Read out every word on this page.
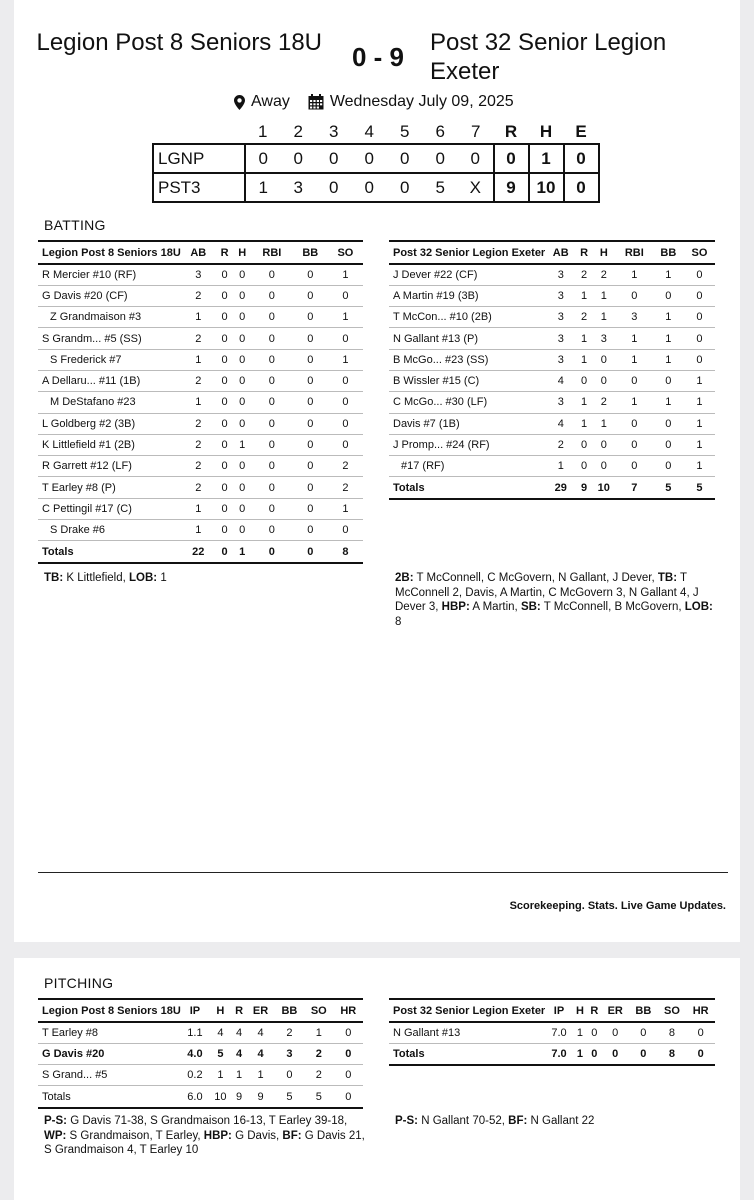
Legion Post 8 Seniors 18U 0 - 9 Post 32 Senior Legion Exeter
Away	Wednesday July 09, 2025
	1	2	3	4	5	6	7	R	H	E
LGNP	0	0	0	0	0	0	0	0	1	0
PST3	1	3	0	0	0	5	X	9	10	0
BATTING
Legion Post 8 Seniors 18U	AB	R	H	RBI	BB	SO
R Mercier #10 (RF)	3	0	0	0	0	1
G Davis #20 (CF)	2	0	0	0	0	0
Z Grandmaison #3	1	0	0	0	0	1
S Grandm... #5 (SS)	2	0	0	0	0	0
S Frederick #7	1	0	0	0	0	1
A Dellaru... #11 (1B)	2	0	0	0	0	0
M DeStafano #23	1	0	0	0	0	0
L Goldberg #2 (3B)	2	0	0	0	0	0
K Littlefield #1 (2B)	2	0	1	0	0	0
R Garrett #12 (LF)	2	0	0	0	0	2
T Earley #8 (P)	2	0	0	0	0	2
C Pettingil #17 (C)	1	0	0	0	0	1
S Drake #6	1	0	0	0	0	0
Totals	22	0	1	0	0	8
Post 32 Senior Legion Exeter	AB	R	H	RBI	BB	SO
J Dever #22 (CF)	3	2	2	1	1	0
A Martin #19 (3B)	3	1	1	0	0	0
T McCon... #10 (2B)	3	2	1	3	1	0
N Gallant #13 (P)	3	1	3	1	1	0
B McGo... #23 (SS)	3	1	0	1	1	0
B Wissler #15 (C)	4	0	0	0	0	1
C McGo... #30 (LF)	3	1	2	1	1	1
Davis #7 (1B)	4	1	1	0	0	1
J Promp... #24 (RF)	2	0	0	0	0	1
#17 (RF)	1	0	0	0	0	1
Totals	29	9	10	7	5	5
TB: K Littlefield, LOB: 1	2B: T McConnell, C McGovern, N Gallant, J Dever, TB: T McConnell 2, Davis, A Martin, C McGovern 3, N Gallant 4, J Dever 3, HBP: A Martin, SB: T McConnell, B McGovern, LOB: 8
Scorekeeping. Stats. Live Game Updates.
PITCHING
Legion Post 8 Seniors 18U	IP	H	R	ER	BB	SO	HR
T Earley #8	1.1	4	4	4	2	1	0
G Davis #20	4.0	5	4	4	3	2	0
S Grand... #5	0.2	1	1	1	0	2	0
Totals	6.0	10	9	9	5	5	0
Post 32 Senior Legion Exeter	IP	H	R	ER	BB	SO	HR
N Gallant #13	7.0	1	0	0	0	8	0
Totals	7.0	1	0	0	0	8	0
P-S: G Davis 71-38, S Grandmaison 16-13, T Earley 39-18, WP: S Grandmaison, T Earley, HBP: G Davis, BF: G Davis 21, S Grandmaison 4, T Earley 10
P-S: N Gallant 70-52, BF: N Gallant 22
